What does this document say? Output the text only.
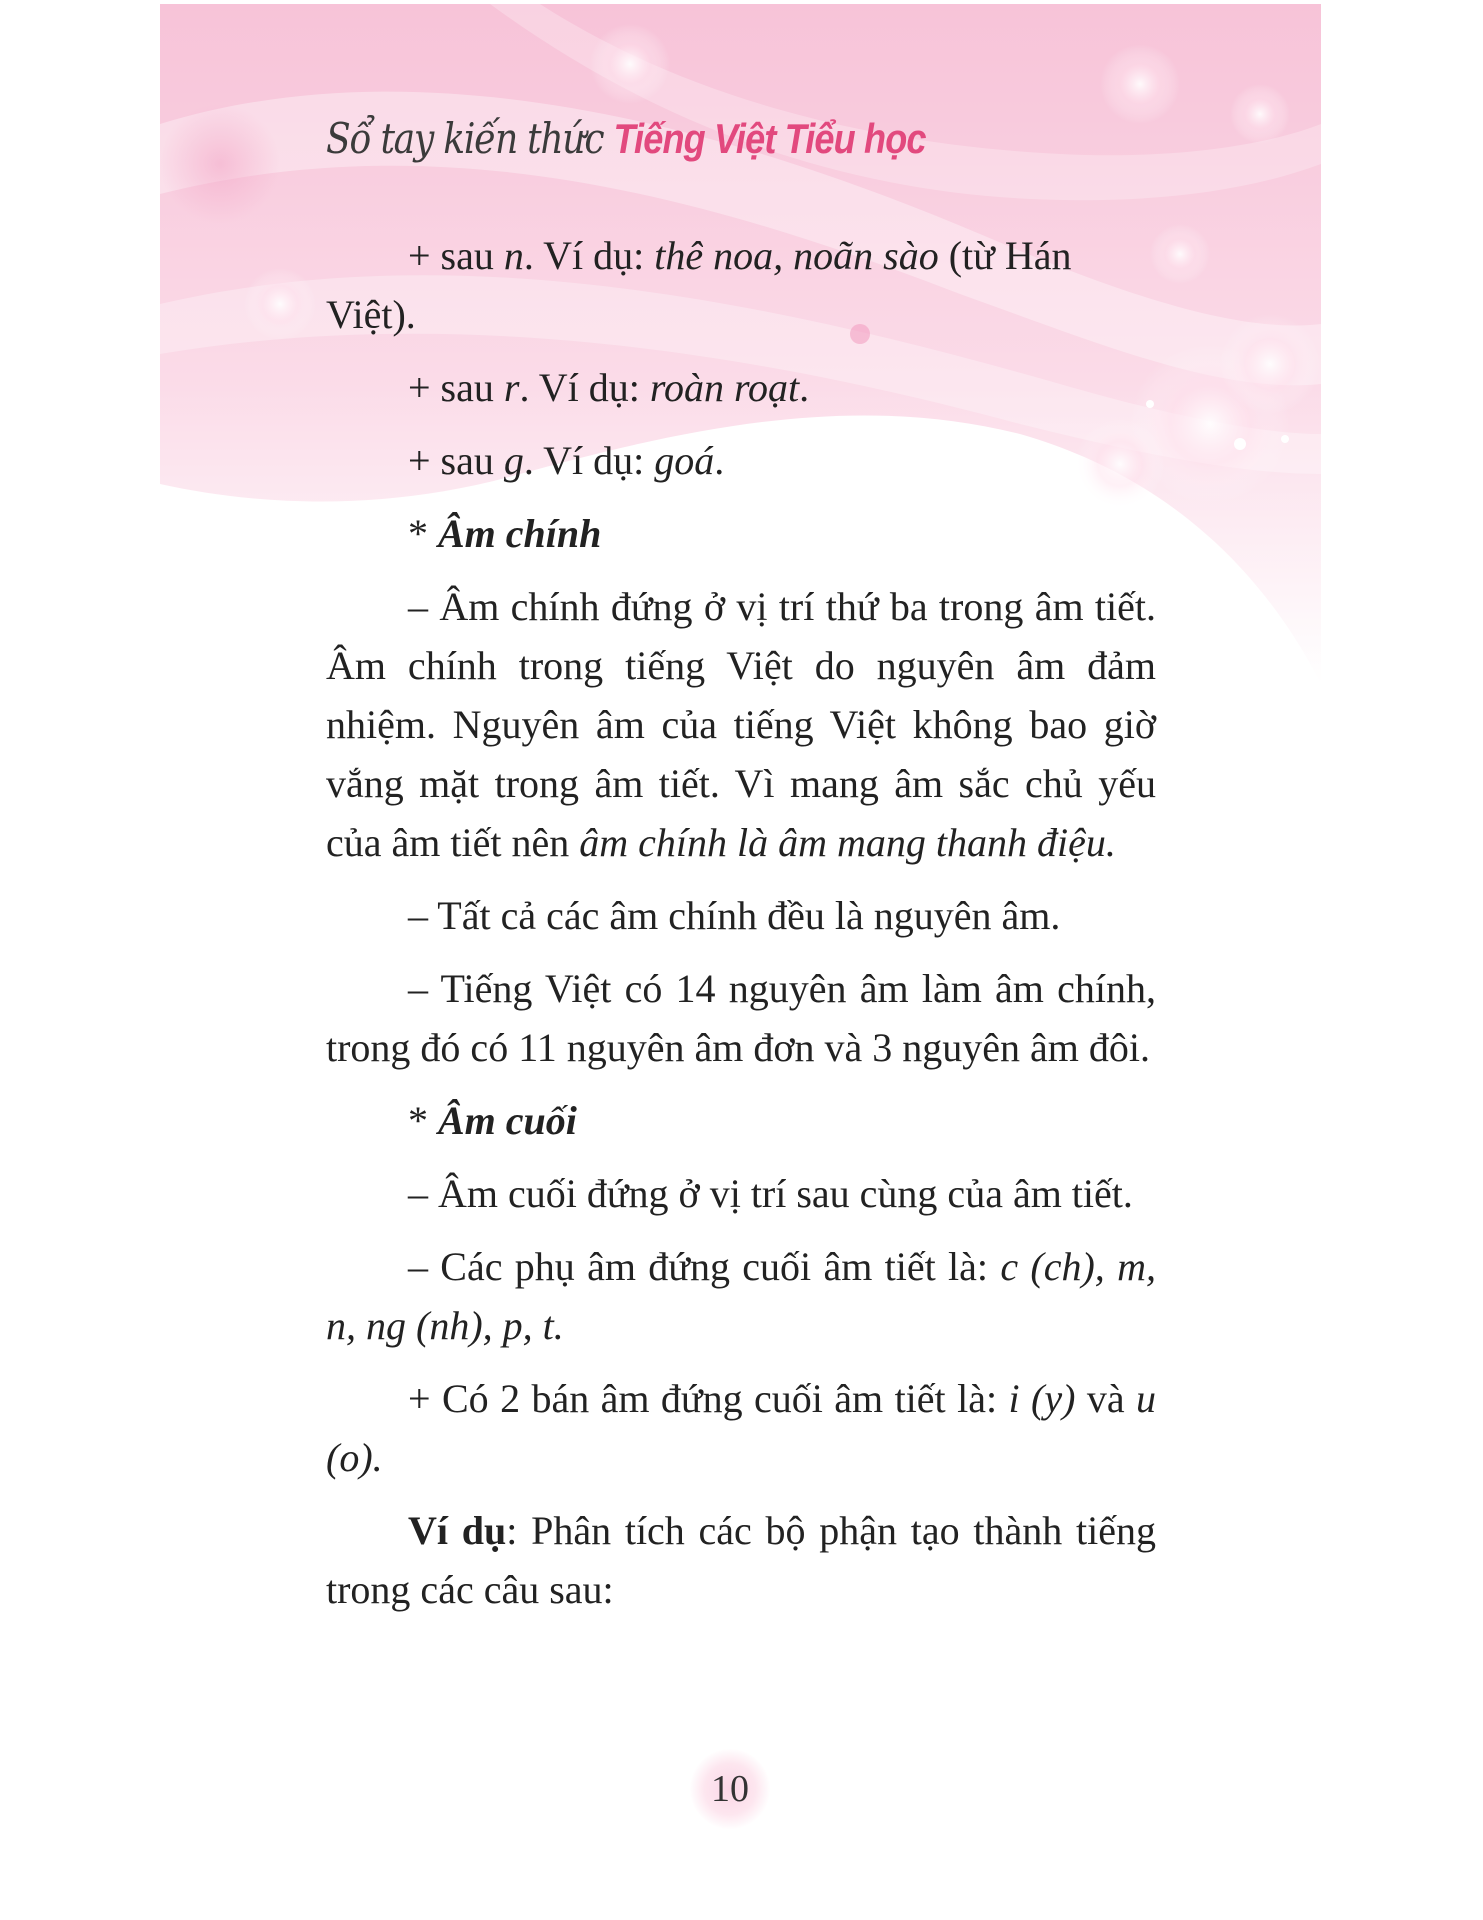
Sổ tay kiến thức Tiếng Việt Tiểu học

+ sau n. Ví dụ: thê noa, noãn sào (từ Hán Việt).

+ sau r. Ví dụ: roàn roạt.

+ sau g. Ví dụ: goá.

* Âm chính

– Âm chính đứng ở vị trí thứ ba trong âm tiết. Âm chính trong tiếng Việt do nguyên âm đảm nhiệm. Nguyên âm của tiếng Việt không bao giờ vắng mặt trong âm tiết. Vì mang âm sắc chủ yếu của âm tiết nên âm chính là âm mang thanh điệu.

– Tất cả các âm chính đều là nguyên âm.

– Tiếng Việt có 14 nguyên âm làm âm chính, trong đó có 11 nguyên âm đơn và 3 nguyên âm đôi.

* Âm cuối

– Âm cuối đứng ở vị trí sau cùng của âm tiết.

– Các phụ âm đứng cuối âm tiết là: c (ch), m, n, ng (nh), p, t.

+ Có 2 bán âm đứng cuối âm tiết là: i (y) và u (o).

Ví dụ: Phân tích các bộ phận tạo thành tiếng trong các câu sau:

10
